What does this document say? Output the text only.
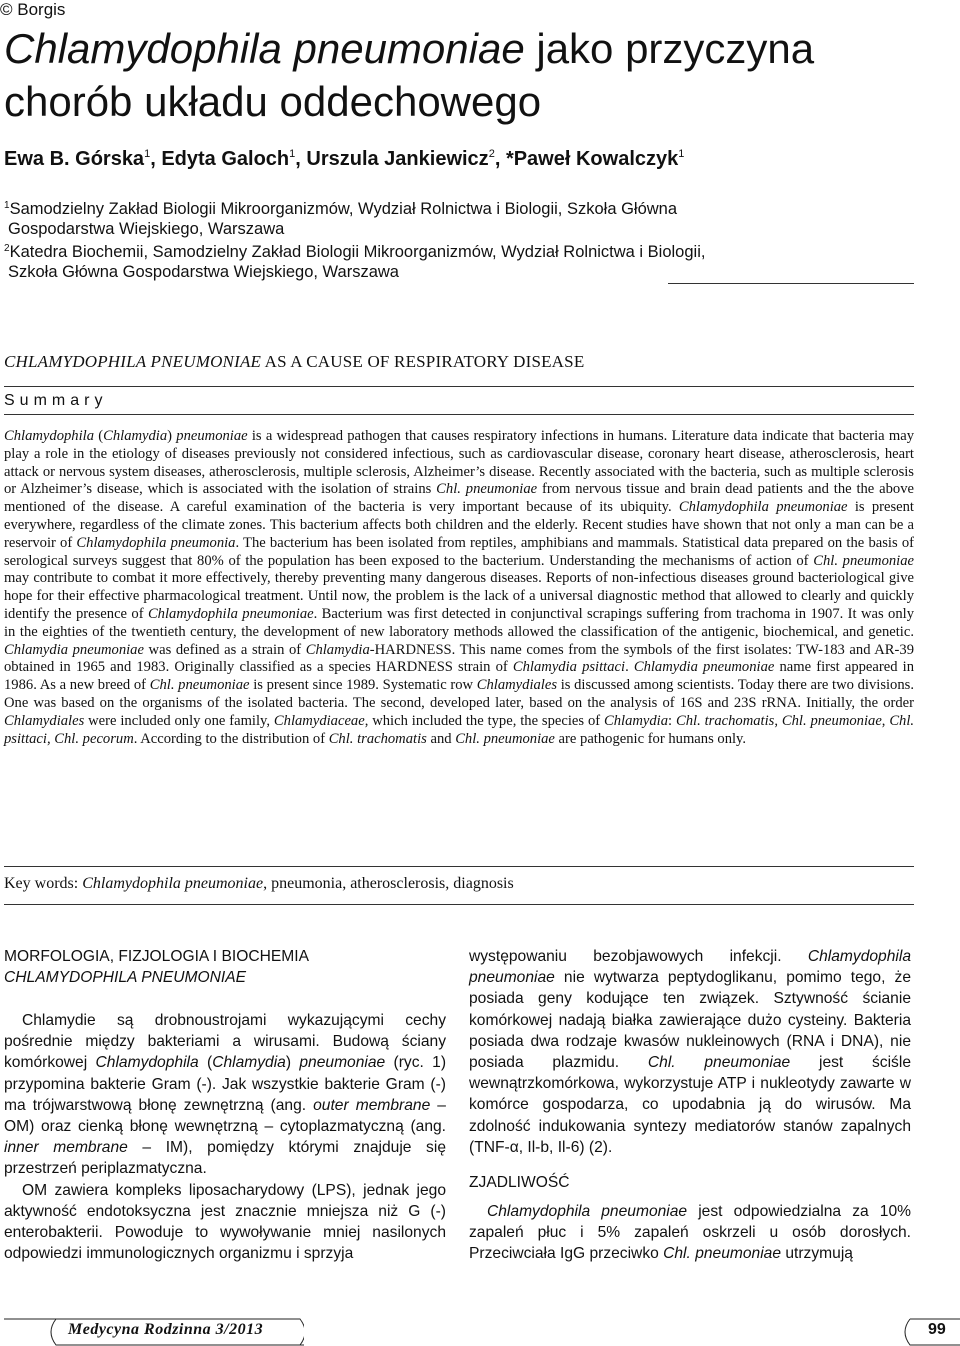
© Borgis
Chlamydophila pneumoniae jako przyczyna
chorób układu oddechowego
Ewa B. Górska$^1$, Edyta Galoch$^1$, Urszula Jankiewicz$^2$, *Paweł Kowalczyk$^1$
$^1$Samodzielny Zakład Biologii Mikroorganizmów, Wydział Rolnictwa i Biologii, Szkoła Główna
Gospodarstwa Wiejskiego, Warszawa
$^2$Katedra Biochemii, Samodzielny Zakład Biologii Mikroorganizmów, Wydział Rolnictwa i Biologii,
Szkoła Główna Gospodarstwa Wiejskiego, Warszawa
CHLAMYDOPHILA PNEUMONIAE AS A CAUSE OF RESPIRATORY DISEASE
Summary

Chlamydophila (Chlamydia) pneumoniae is a widespread pathogen that causes respiratory infections in humans. Literature data indicate that bacteria may play a role in the etiology of diseases previously not considered infectious, such as cardiovascular disease, coronary heart disease, atherosclerosis, heart attack or nervous system diseases, atherosclerosis, multiple sclerosis, Alzheimer’s disease. Recently associated with the bacteria, such as multiple sclerosis or Alzheimer’s disease, which is associated with the isolation of strains Chl. pneumoniae from nervous tissue and brain dead patients and the the above mentioned of the disease. A careful examination of the bacteria is very important because of its ubiquity. Chlamydophila pneumoniae is present everywhere, regardless of the climate zones. This bacterium affects both children and the elderly. Recent studies have shown that not only a man can be a reservoir of Chlamydophila pneumonia. The bacterium has been isolated from reptiles, amphibians and mammals. Statistical data prepared on the basis of serological surveys suggest that 80% of the population has been exposed to the bacterium. Understanding the mechanisms of action of Chl. pneumoniae may contribute to combat it more effectively, thereby preventing many dangerous diseases. Reports of non-infectious diseases ground bacteriological give hope for their effective pharmacological treatment. Until now, the problem is the lack of a universal diagnostic method that allowed to clearly and quickly identify the presence of Chlamydophila pneumoniae. Bacterium was first detected in conjunctival scrapings suffering from trachoma in 1907. It was only in the eighties of the twentieth century, the development of new laboratory methods allowed the classification of the antigenic, biochemical, and genetic. Chlamydia pneumoniae was defined as a strain of Chlamydia-HARDNESS. This name comes from the symbols of the first isolates: TW-183 and AR-39 obtained in 1965 and 1983. Originally classified as a species HARDNESS strain of Chlamydia psittaci. Chlamydia pneumoniae name first appeared in 1986. As a new breed of Chl. pneumoniae is present since 1989. Systematic row Chlamydiales is discussed among scientists. Today there are two divisions. One was based on the organisms of the isolated bacteria. The second, developed later, based on the analysis of 16S and 23S rRNA. Initially, the order Chlamydiales were included only one family, Chlamydiaceae, which included the type, the species of Chlamydia: Chl. trachomatis, Chl. pneumoniae, Chl. psittaci, Chl. pecorum. According to the distribution of Chl. trachomatis and Chl. pneumoniae are pathogenic for humans only.

Key words: Chlamydophila pneumoniae, pneumonia, atherosclerosis, diagnosis
MORFOLOGIA, FIZJOLOGIA I BIOCHEMIA
CHLAMYDOPHILA PNEUMONIAE

Chlamydie są drobnoustrojami wykazującymi cechy pośrednie między bakteriami a wirusami. Budową ściany komórkowej Chlamydophila (Chlamydia) pneumoniae (ryc. 1) przypomina bakterie Gram (-). Jak wszystkie bakterie Gram (-) ma trójwarstwową błonę zewnętrzną (ang. outer membrane – OM) oraz cienką błonę wewnętrzną – cytoplazmatyczną (ang. inner membrane – IM), pomiędzy którymi znajduje się przestrzeń periplazmatyczna.

OM zawiera kompleks liposacharydowy (LPS), jednak jego aktywność endotoksyczna jest znacznie mniejsza niż G (-) enterobakterii. Powoduje to wywoływanie mniej nasilonych odpowiedzi immunologicznych organizmu i sprzyja

występowaniu bezobjawowych infekcji. Chlamydophila pneumoniae nie wytwarza peptydoglikanu, pomimo tego, że posiada geny kodujące ten związek. Sztywność ścianie komórkowej nadają białka zawierające dużo cysteiny. Bakteria posiada dwa rodzaje kwasów nukleinowych (RNA i DNA), nie posiada plazmidu. Chl. pneumoniae jest ściśle wewnątrzkomórkowa, wykorzystuje ATP i nukleotydy zawarte w komórce gospodarza, co upodabnia ją do wirusów. Ma zdolność indukowania syntezy mediatorów stanów zapalnych (TNF-α, Il-b, Il-6) (2).

ZJADLIWOŚĆ

Chlamydophila pneumoniae jest odpowiedzialna za 10% zapaleń płuc i 5% zapaleń oskrzeli u osób dorosłych. Przeciwciała IgG przeciwko Chl. pneumoniae utrzymują

Medycyna Rodzinna 3/2013	99
